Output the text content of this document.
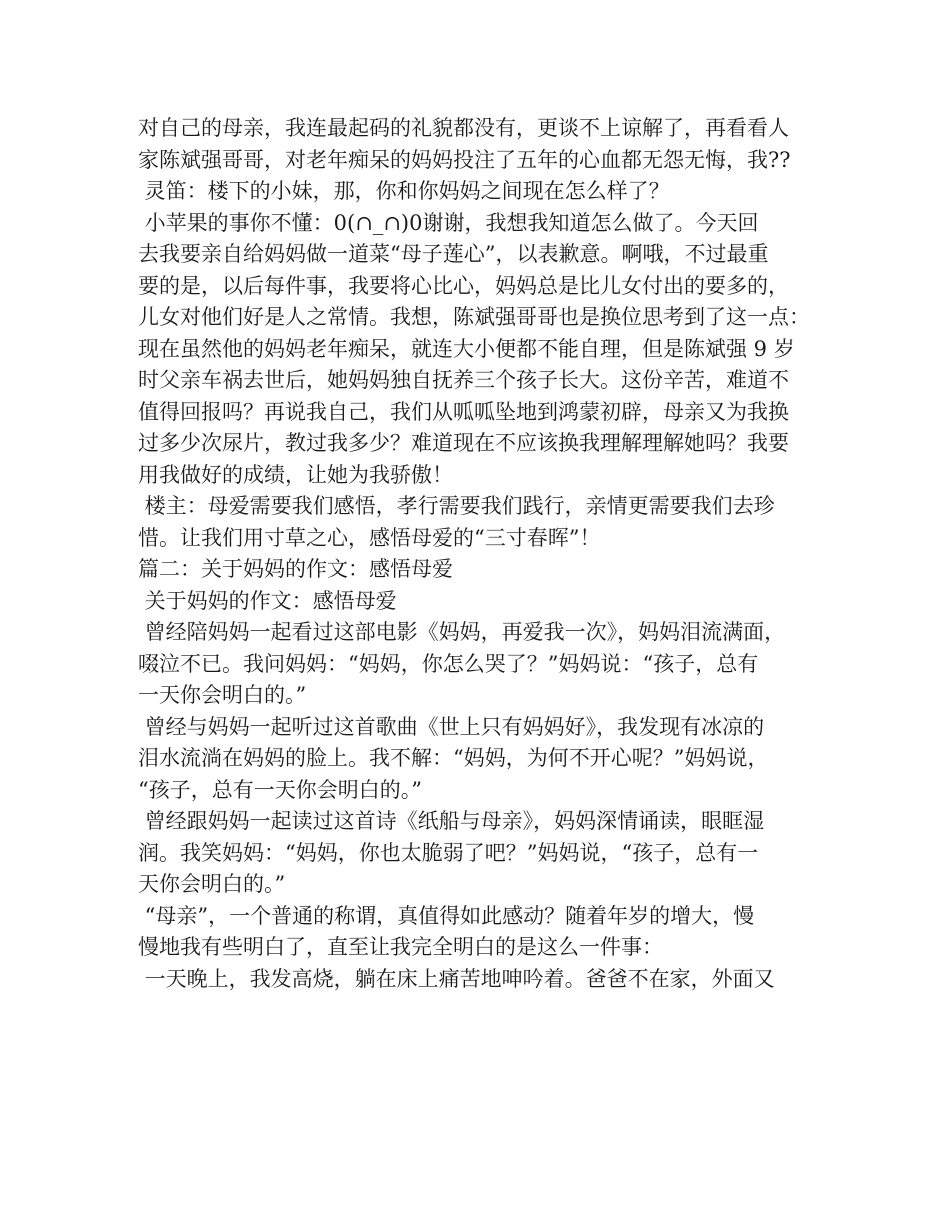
对自己的母亲，我连最起码的礼貌都没有，更谈不上谅解了，再看看人
家陈斌强哥哥，对老年痴呆的妈妈投注了五年的心血都无怨无悔，我??
灵笛：楼下的小妹，那，你和你妈妈之间现在怎么样了？
小苹果的事你不懂：0(∩_∩)0谢谢，我想我知道怎么做了。今天回
去我要亲自给妈妈做一道菜“母子莲心”，以表歉意。啊哦，不过最重
要的是，以后每件事，我要将心比心，妈妈总是比儿女付出的要多的，
儿女对他们好是人之常情。我想，陈斌强哥哥也是换位思考到了这一点：
现在虽然他的妈妈老年痴呆，就连大小便都不能自理，但是陈斌强 9 岁
时父亲车祸去世后，她妈妈独自抚养三个孩子长大。这份辛苦，难道不
值得回报吗？再说我自己，我们从呱呱坠地到鸿蒙初辟，母亲又为我换
过多少次尿片，教过我多少？难道现在不应该换我理解理解她吗？我要
用我做好的成绩，让她为我骄傲！
楼主：母爱需要我们感悟，孝行需要我们践行，亲情更需要我们去珍
惜。让我们用寸草之心，感悟母爱的“三寸春晖”！
篇二：关于妈妈的作文：感悟母爱
关于妈妈的作文：感悟母爱
曾经陪妈妈一起看过这部电影《妈妈，再爱我一次》，妈妈泪流满面，
啜泣不已。我问妈妈：“妈妈，你怎么哭了？”妈妈说：“孩子，总有
一天你会明白的。”
曾经与妈妈一起听过这首歌曲《世上只有妈妈好》，我发现有冰凉的
泪水流淌在妈妈的脸上。我不解：“妈妈，为何不开心呢？”妈妈说，
“孩子，总有一天你会明白的。”
曾经跟妈妈一起读过这首诗《纸船与母亲》，妈妈深情诵读，眼眶湿
润。我笑妈妈：“妈妈，你也太脆弱了吧？”妈妈说，“孩子，总有一
天你会明白的。”
“母亲”，一个普通的称谓，真值得如此感动？随着年岁的增大，慢
慢地我有些明白了，直至让我完全明白的是这么一件事：
一天晚上，我发高烧，躺在床上痛苦地呻吟着。爸爸不在家，外面又
